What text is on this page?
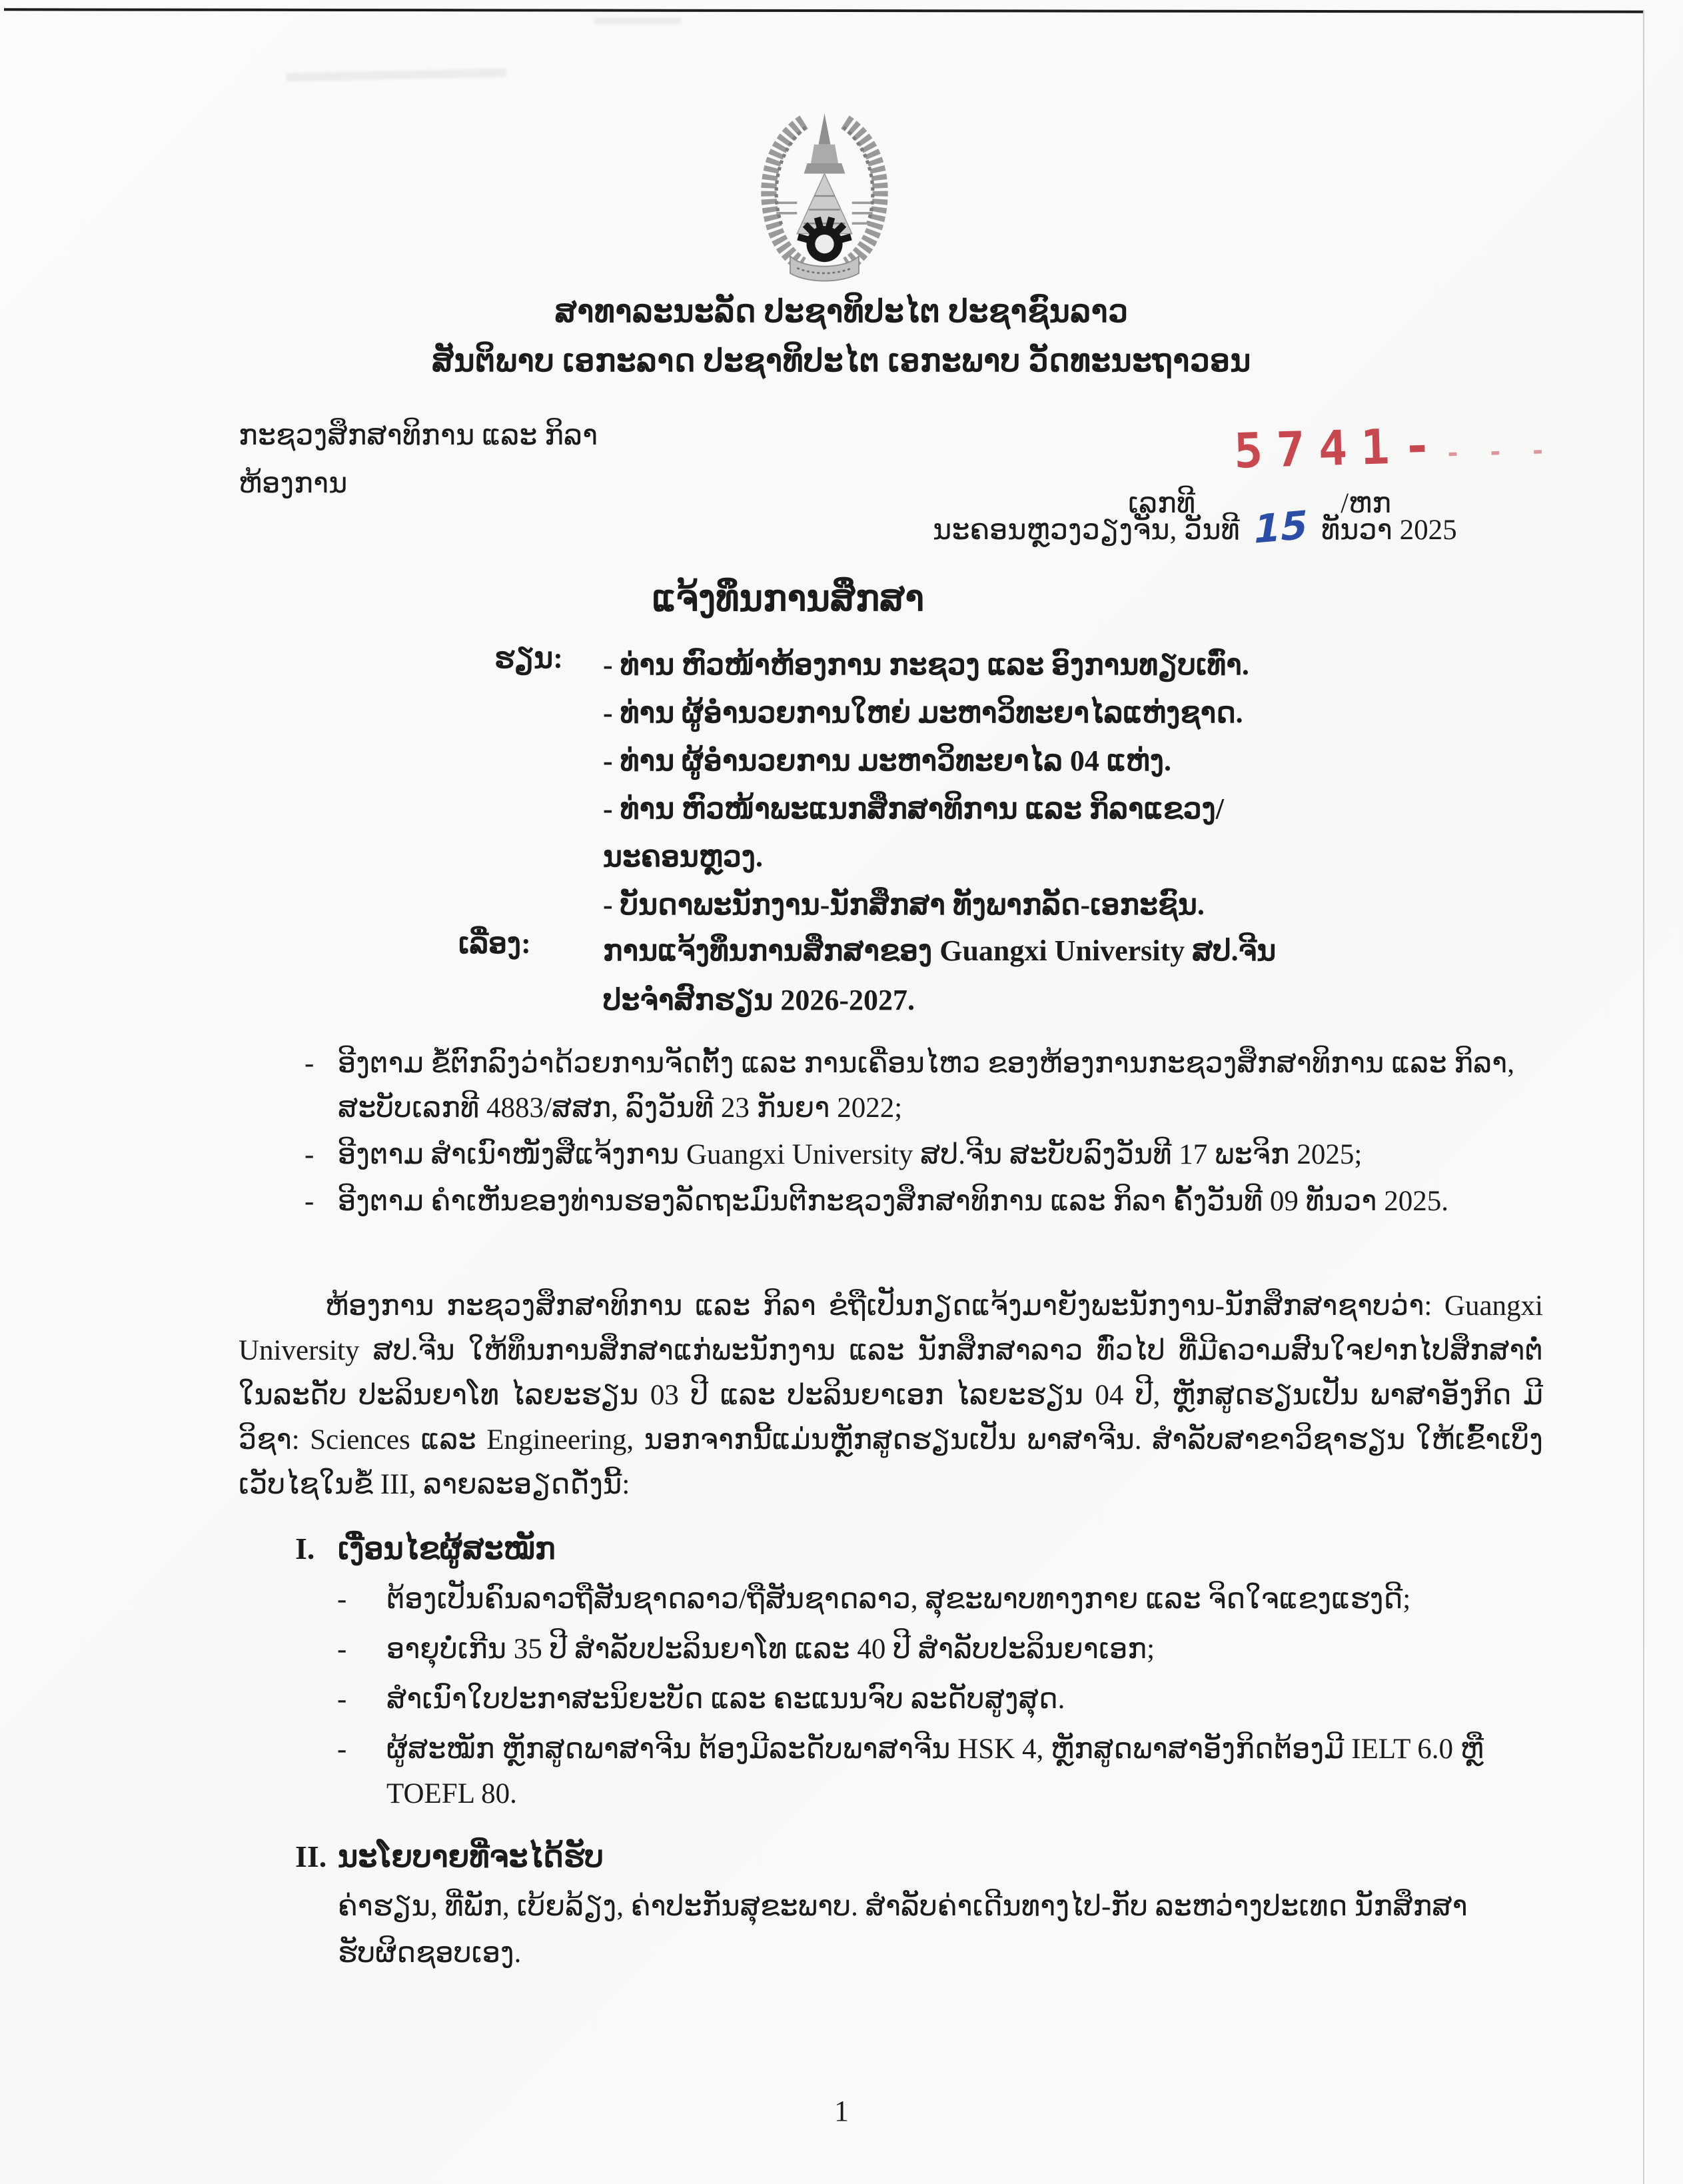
ສາທາລະນະລັດ ປະຊາທິປະໄຕ ປະຊາຊົນລາວ
ສັນຕິພາບ ເອກະລາດ ປະຊາທິປະໄຕ ເອກະພາບ ວັດທະນະຖາວອນ
ກະຊວງສຶກສາທິການ ແລະ ກິລາ
ຫ້ອງການ
ເລກທີ	/ຫກ
5741-- - -
ນະຄອນຫຼວງວຽງຈັນ, ວັນທີ 15 ທັນວາ 2025
ແຈ້ງທຶນການສຶກສາ
ຮຽນ: - ທ່ານ ຫົວໜ້າຫ້ອງການ ກະຊວງ ແລະ ອົງການທຽບເທົ່າ.
- ທ່ານ ຜູ້ອຳນວຍການໃຫຍ່ ມະຫາວິທະຍາໄລແຫ່ງຊາດ.
- ທ່ານ ຜູ້ອຳນວຍການ ມະຫາວິທະຍາໄລ 04 ແຫ່ງ.
- ທ່ານ ຫົວໜ້າພະແນກສຶກສາທິການ ແລະ ກິລາແຂວງ/
ນະຄອນຫຼວງ.
- ບັນດາພະນັກງານ-ນັກສຶກສາ ທັງພາກລັດ-ເອກະຊົນ.
ເລື່ອງ: ການແຈ້ງທຶນການສຶກສາຂອງ Guangxi University ສປ.ຈີນ
ປະຈຳສົກຮຽນ 2026-2027.
- ອີງຕາມ ຂໍ້ຕົກລົງວ່າດ້ວຍການຈັດຕັ້ງ ແລະ ການເຄື່ອນໄຫວ ຂອງຫ້ອງການກະຊວງສຶກສາທິການ ແລະ ກິລາ, ສະບັບເລກທີ 4883/ສສກ, ລົງວັນທີ 23 ກັນຍາ 2022;
- ອີງຕາມ ສຳເນົາໜັງສືແຈ້ງການ Guangxi University ສປ.ຈີນ ສະບັບລົງວັນທີ 17 ພະຈິກ 2025;
- ອີງຕາມ ຄຳເຫັນຂອງທ່ານຮອງລັດຖະມົນຕີກະຊວງສຶກສາທິການ ແລະ ກິລາ ຄັ້ງວັນທີ 09 ທັນວາ 2025.
ຫ້ອງການ ກະຊວງສຶກສາທິການ ແລະ ກິລາ ຂໍຖືເປັນກຽດແຈ້ງມາຍັງພະນັກງານ-ນັກສຶກສາຊາບວ່າ: Guangxi University ສປ.ຈີນ ໃຫ້ທຶນການສຶກສາແກ່ພະນັກງານ ແລະ ນັກສຶກສາລາວ ທົ່ວໄປ ທີ່ມີຄວາມສົນໃຈຢາກໄປສຶກສາຕໍ່ ໃນລະດັບ ປະລິນຍາໂທ ໄລຍະຮຽນ 03 ປີ ແລະ ປະລິນຍາເອກ ໄລຍະຮຽນ 04 ປີ, ຫຼັກສູດຮຽນເປັນ ພາສາອັງກິດ ມີວິຊາ: Sciences ແລະ Engineering, ນອກຈາກນີ້ແມ່ນຫຼັກສູດຮຽນເປັນ ພາສາຈີນ. ສຳລັບສາຂາວິຊາຮຽນ ໃຫ້ເຂົ້າເບິ່ງເວັບໄຊໃນຂໍ້ III, ລາຍລະອຽດດັ່ງນີ້:
I. ເງື່ອນໄຂຜູ້ສະໝັກ
- ຕ້ອງເປັນຄົນລາວຖືສັນຊາດລາວ/ຖືສັນຊາດລາວ, ສຸຂະພາບທາງກາຍ ແລະ ຈິດໃຈແຂງແຮງດີ;
- ອາຍຸບໍ່ເກີນ 35 ປີ ສຳລັບປະລິນຍາໂທ ແລະ 40 ປີ ສຳລັບປະລິນຍາເອກ;
- ສຳເນົາໃບປະກາສະນິຍະບັດ ແລະ ຄະແນນຈົບ ລະດັບສູງສຸດ.
- ຜູ້ສະໝັກ ຫຼັກສູດພາສາຈີນ ຕ້ອງມີລະດັບພາສາຈີນ HSK 4, ຫຼັກສູດພາສາອັງກິດຕ້ອງມີ IELT 6.0 ຫຼື TOEFL 80.
II. ນະໂຍບາຍທີ່ຈະໄດ້ຮັບ
ຄ່າຮຽນ, ທີ່ພັກ, ເບ້ຍລ້ຽງ, ຄ່າປະກັນສຸຂະພາບ. ສຳລັບຄ່າເດີນທາງໄປ-ກັບ ລະຫວ່າງປະເທດ ນັກສຶກສາ ຮັບຜິດຊອບເອງ.
1
